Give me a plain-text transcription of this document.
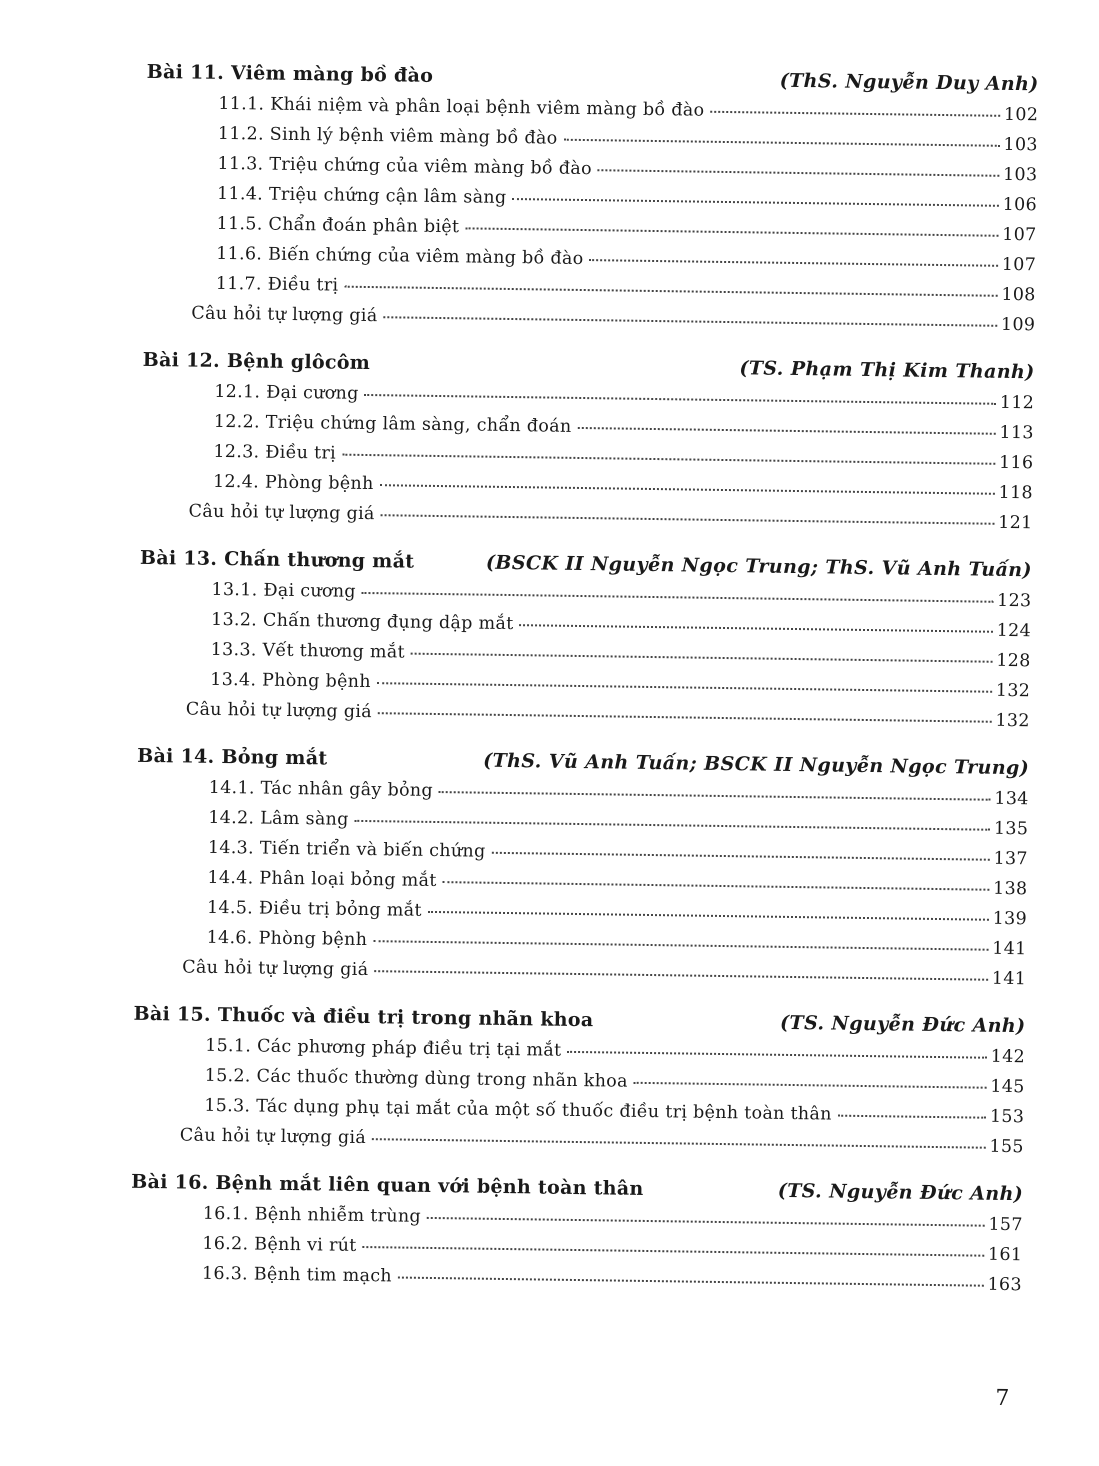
Bài 11. Viêm màng bồ đào	(ThS. Nguyễn Duy Anh)
11.1. Khái niệm và phân loại bệnh viêm màng bồ đào	102
11.2. Sinh lý bệnh viêm màng bồ đào	103
11.3. Triệu chứng của viêm màng bồ đào	103
11.4. Triệu chứng cận lâm sàng	106
11.5. Chẩn đoán phân biệt	107
11.6. Biến chứng của viêm màng bồ đào	107
11.7. Điều trị	108
Câu hỏi tự lượng giá	109
Bài 12. Bệnh glôcôm	(TS. Phạm Thị Kim Thanh)
12.1. Đại cương	112
12.2. Triệu chứng lâm sàng, chẩn đoán	113
12.3. Điều trị	116
12.4. Phòng bệnh	118
Câu hỏi tự lượng giá	121
Bài 13. Chấn thương mắt	(BSCK II Nguyễn Ngọc Trung; ThS. Vũ Anh Tuấn)
13.1. Đại cương	123
13.2. Chấn thương đụng dập mắt	124
13.3. Vết thương mắt	128
13.4. Phòng bệnh	132
Câu hỏi tự lượng giá	132
Bài 14. Bỏng mắt	(ThS. Vũ Anh Tuấn; BSCK II Nguyễn Ngọc Trung)
14.1. Tác nhân gây bỏng	134
14.2. Lâm sàng	135
14.3. Tiến triển và biến chứng	137
14.4. Phân loại bỏng mắt	138
14.5. Điều trị bỏng mắt	139
14.6. Phòng bệnh	141
Câu hỏi tự lượng giá	141
Bài 15. Thuốc và điều trị trong nhãn khoa	(TS. Nguyễn Đức Anh)
15.1. Các phương pháp điều trị tại mắt	142
15.2. Các thuốc thường dùng trong nhãn khoa	145
15.3. Tác dụng phụ tại mắt của một số thuốc điều trị bệnh toàn thân	153
Câu hỏi tự lượng giá	155
Bài 16. Bệnh mắt liên quan với bệnh toàn thân	(TS. Nguyễn Đức Anh)
16.1. Bệnh nhiễm trùng	157
16.2. Bệnh vi rút	161
16.3. Bệnh tim mạch	163
7
